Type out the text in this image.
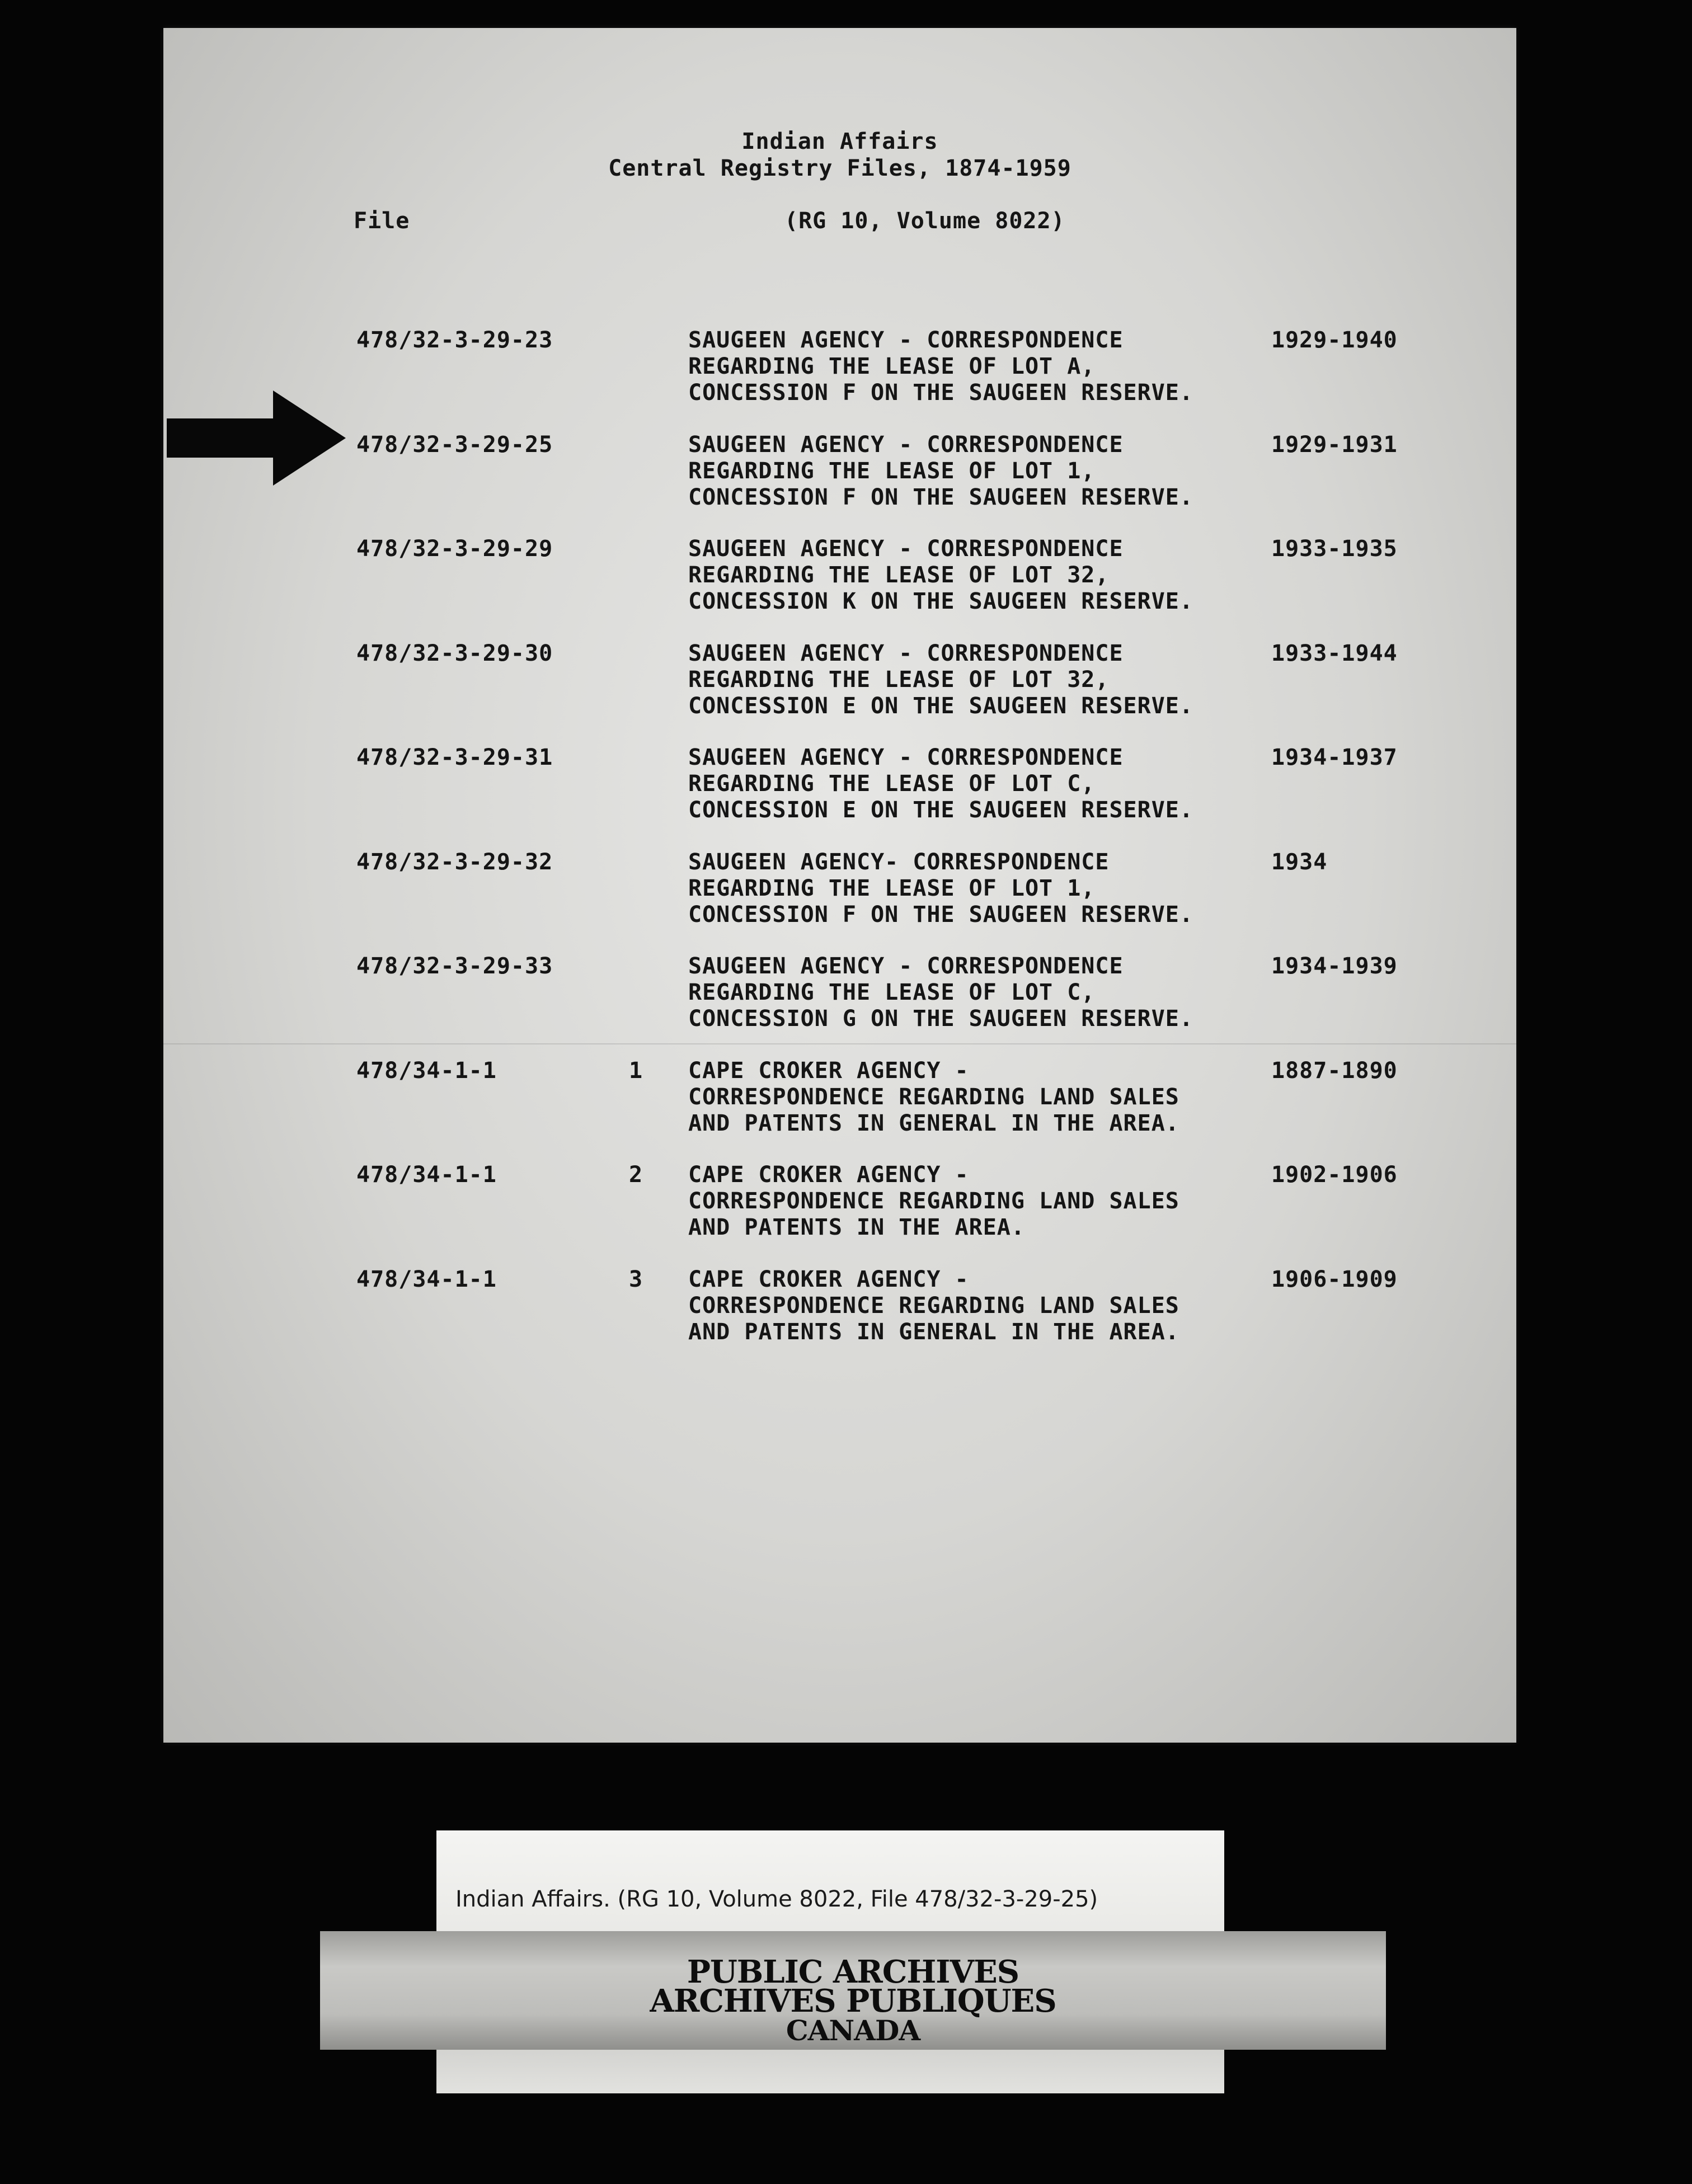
Indian Affairs
Central Registry Files, 1874-1959
File	(RG 10, Volume 8022)
478/32-3-29-23	SAUGEEN AGENCY - CORRESPONDENCE
REGARDING THE LEASE OF LOT A,
CONCESSION F ON THE SAUGEEN RESERVE.
1929-1940
478/32-3-29-25	SAUGEEN AGENCY - CORRESPONDENCE
REGARDING THE LEASE OF LOT 1,
CONCESSION F ON THE SAUGEEN RESERVE.
1929-1931
478/32-3-29-29	SAUGEEN AGENCY - CORRESPONDENCE
REGARDING THE LEASE OF LOT 32,
CONCESSION K ON THE SAUGEEN RESERVE.
1933-1935
478/32-3-29-30	SAUGEEN AGENCY - CORRESPONDENCE
REGARDING THE LEASE OF LOT 32,
CONCESSION E ON THE SAUGEEN RESERVE.
1933-1944
478/32-3-29-31	SAUGEEN AGENCY - CORRESPONDENCE
REGARDING THE LEASE OF LOT C,
CONCESSION E ON THE SAUGEEN RESERVE.
1934-1937
478/32-3-29-32	SAUGEEN AGENCY- CORRESPONDENCE
REGARDING THE LEASE OF LOT 1,
CONCESSION F ON THE SAUGEEN RESERVE.
1934
478/32-3-29-33	SAUGEEN AGENCY - CORRESPONDENCE
REGARDING THE LEASE OF LOT C,
CONCESSION G ON THE SAUGEEN RESERVE.
1934-1939
478/34-1-1	1 CAPE CROKER AGENCY -
CORRESPONDENCE REGARDING LAND SALES
AND PATENTS IN GENERAL IN THE AREA.
1887-1890
478/34-1-1	2 CAPE CROKER AGENCY -
CORRESPONDENCE REGARDING LAND SALES
AND PATENTS IN THE AREA.
1902-1906
478/34-1-1	3 CAPE CROKER AGENCY -
CORRESPONDENCE REGARDING LAND SALES
AND PATENTS IN GENERAL IN THE AREA.
1906-1909
Indian Affairs. (RG 10, Volume 8022, File 478/32-3-29-25)
PUBLIC ARCHIVES
ARCHIVES PUBLIQUES
CANADA
